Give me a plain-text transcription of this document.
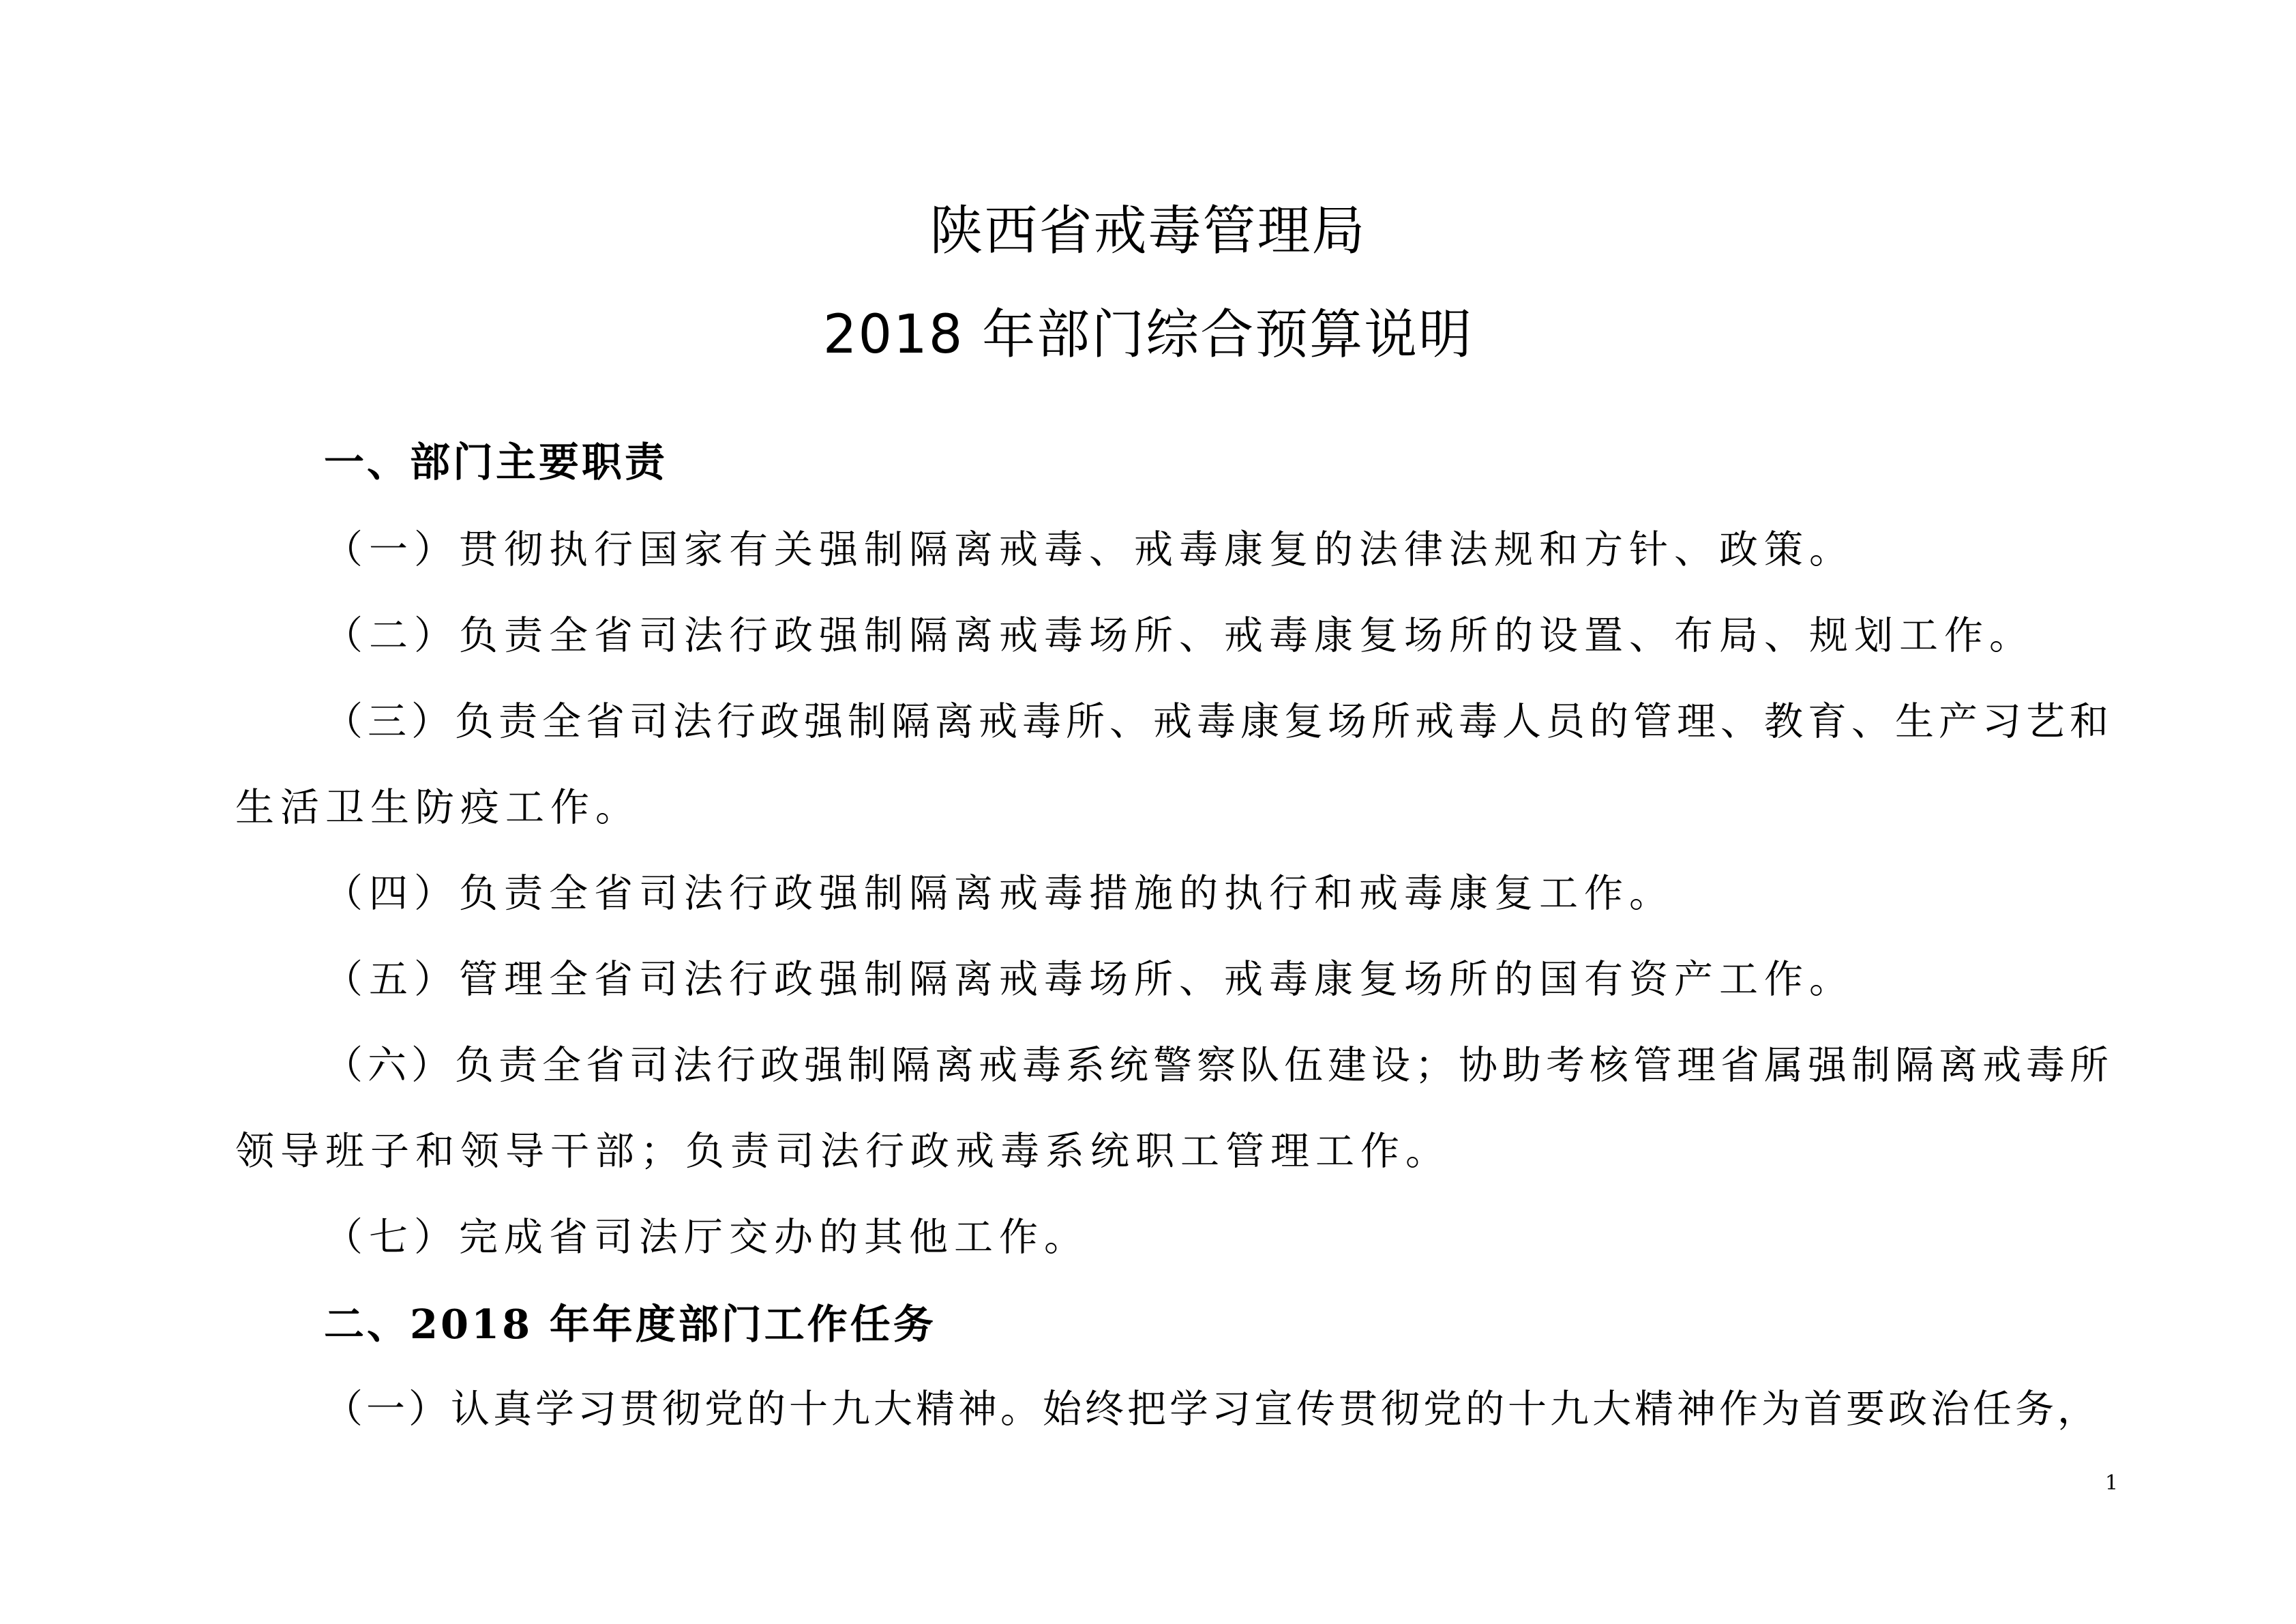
陕西省戒毒管理局
2018 年部门综合预算说明
一、部门主要职责
（一）贯彻执行国家有关强制隔离戒毒、戒毒康复的法律法规和方针、政策。
（二）负责全省司法行政强制隔离戒毒场所、戒毒康复场所的设置、布局、规划工作。
（三）负责全省司法行政强制隔离戒毒所、戒毒康复场所戒毒人员的管理、教育、生产习艺和
生活卫生防疫工作。
（四）负责全省司法行政强制隔离戒毒措施的执行和戒毒康复工作。
（五）管理全省司法行政强制隔离戒毒场所、戒毒康复场所的国有资产工作。
（六）负责全省司法行政强制隔离戒毒系统警察队伍建设；协助考核管理省属强制隔离戒毒所
领导班子和领导干部；负责司法行政戒毒系统职工管理工作。
（七）完成省司法厅交办的其他工作。
二、2018 年年度部门工作任务
（一）认真学习贯彻党的十九大精神。始终把学习宣传贯彻党的十九大精神作为首要政治任务，
1
